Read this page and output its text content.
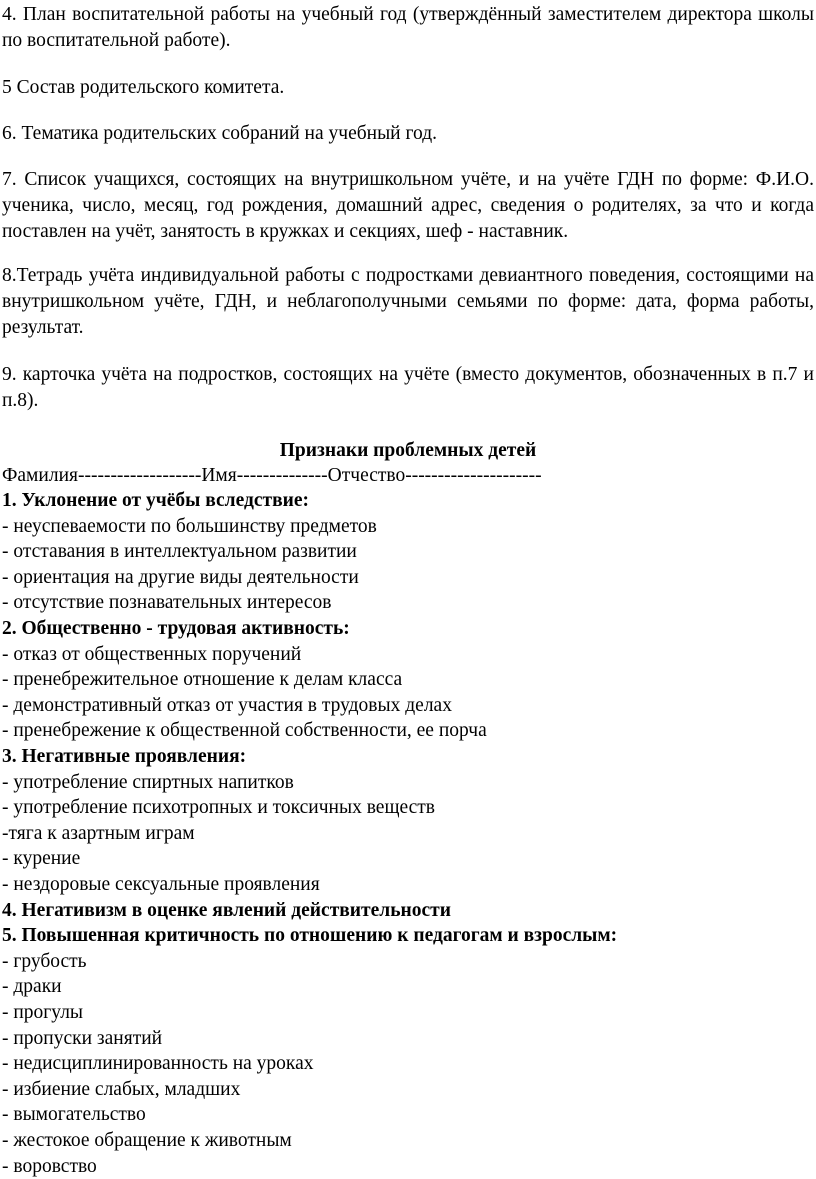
4. План воспитательной работы на учебный год (утверждённый заместителем директора школы по воспитательной работе).

5 Состав родительского комитета.

6. Тематика родительских собраний на учебный год.

7. Список учащихся, состоящих на внутришкольном учёте, и на учёте ГДН по форме: Ф.И.О. ученика, число, месяц, год рождения, домашний адрес, сведения о родителях, за что и когда поставлен на учёт, занятость в кружках и секциях, шеф - наставник.

8.Тетрадь учёта индивидуальной работы с подростками девиантного поведения, состоящими на внутришкольном учёте, ГДН, и неблагополучными семьями по форме: дата, форма работы, результат.

9. карточка учёта на подростков, состоящих на учёте (вместо документов, обозначенных в п.7 и п.8).

Признаки проблемных детей

Фамилия-------------------Имя--------------Отчество---------------------

1. Уклонение от учёбы вследствие:

- неуспеваемости по большинству предметов

- отставания в интеллектуальном развитии

- ориентация на другие виды деятельности

- отсутствие познавательных интересов

2. Общественно - трудовая активность:

- отказ от общественных поручений

- пренебрежительное отношение к делам класса

- демонстративный отказ от участия в трудовых делах

- пренебрежение к общественной собственности, ее порча

3. Негативные проявления:

- употребление спиртных напитков

- употребление психотропных и токсичных веществ

-тяга к азартным играм

- курение

- нездоровые сексуальные проявления

4. Негативизм в оценке явлений действительности

5. Повышенная критичность по отношению к педагогам и взрослым:

- грубость

- драки

- прогулы

- пропуски занятий

- недисциплинированность на уроках

- избиение слабых, младших

- вымогательство

- жестокое обращение к животным

- воровство
